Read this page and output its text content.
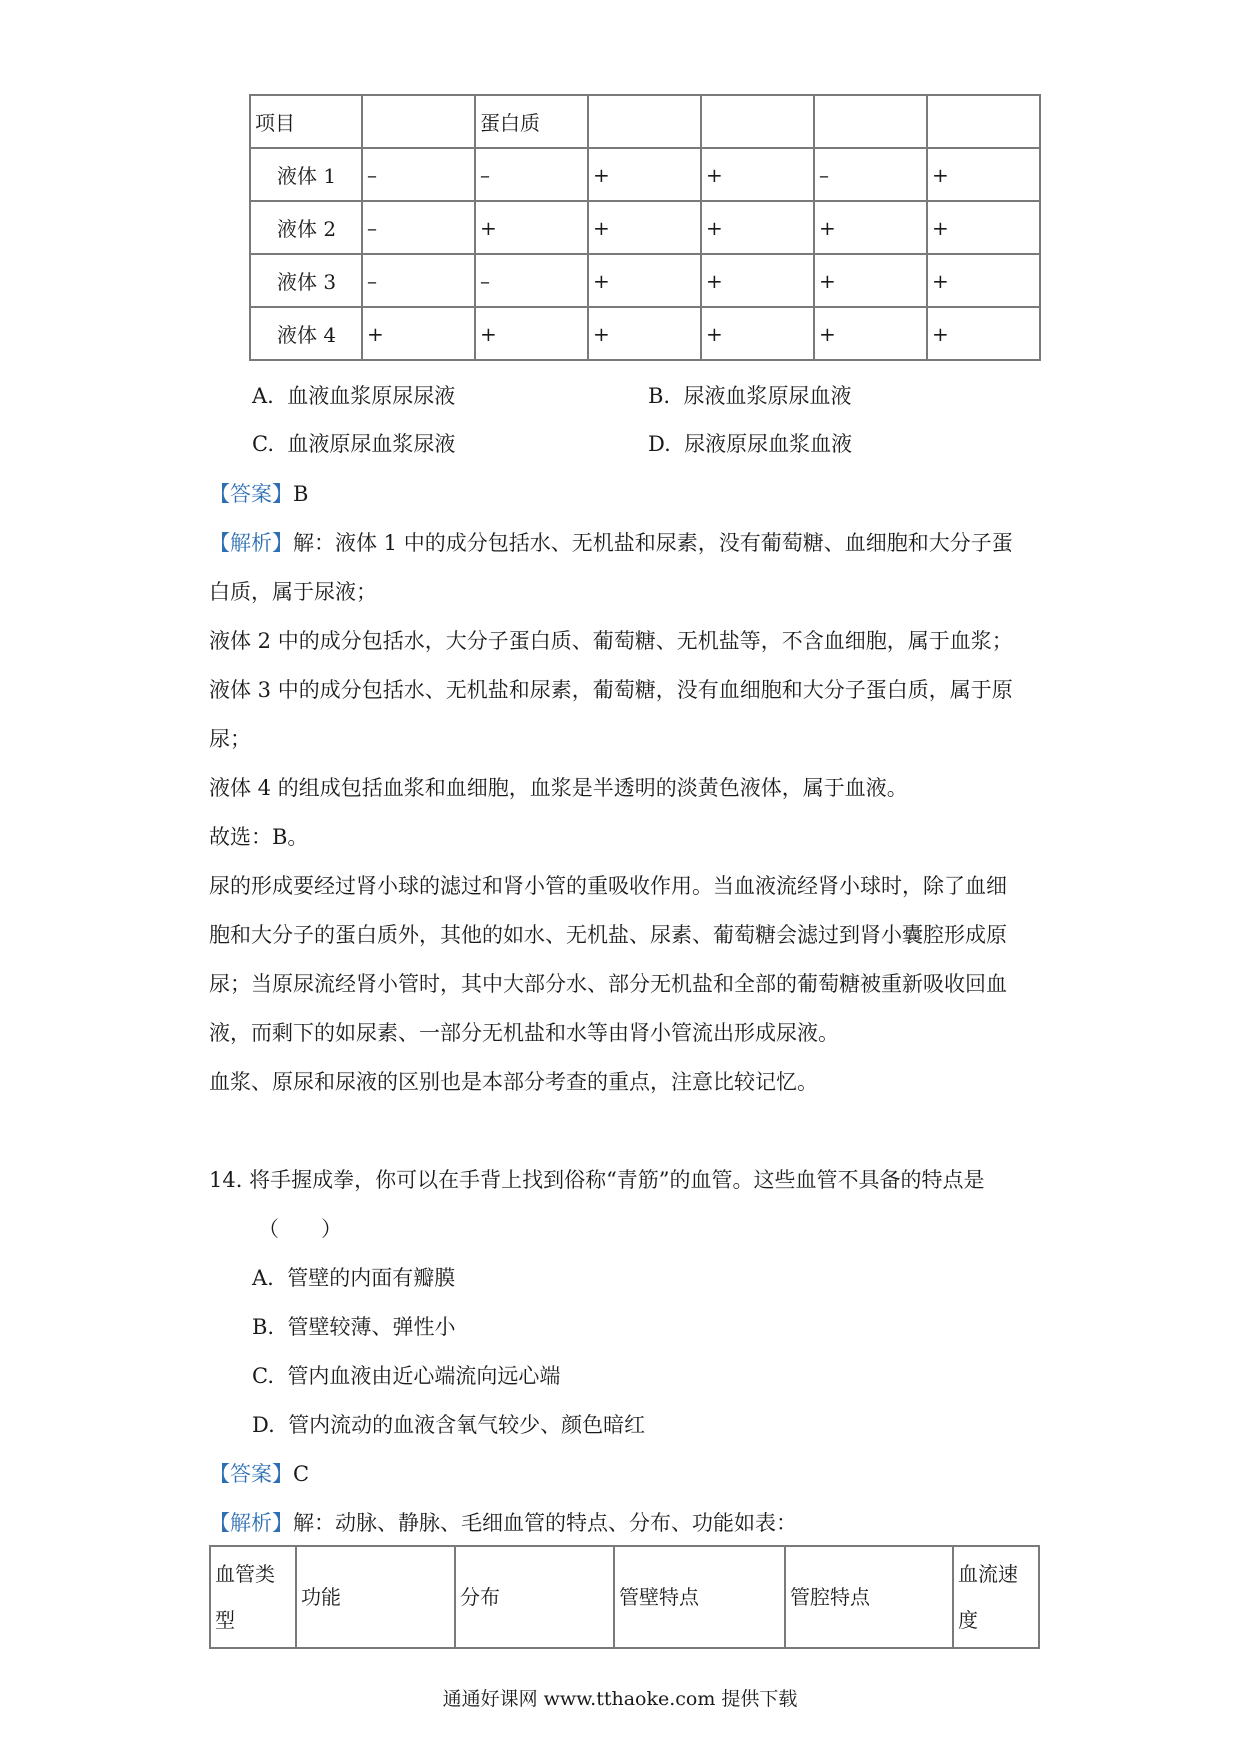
项目		蛋白质				
液体 1	–	–	+	+	–	+
液体 2	–	+	+	+	+	+
液体 3	–	–	+	+	+	+
液体 4	+	+	+	+	+	+
A. 血液血浆原尿尿液	B. 尿液血浆原尿血液
C. 血液原尿血浆尿液	D. 尿液原尿血浆血液
【答案】B
【解析】解：液体 1 中的成分包括水、无机盐和尿素，没有葡萄糖、血细胞和大分子蛋
白质，属于尿液；
液体 2 中的成分包括水，大分子蛋白质、葡萄糖、无机盐等，不含血细胞，属于血浆；
液体 3 中的成分包括水、无机盐和尿素，葡萄糖，没有血细胞和大分子蛋白质，属于原
尿；
液体 4 的组成包括血浆和血细胞，血浆是半透明的淡黄色液体，属于血液。
故选：B。
尿的形成要经过肾小球的滤过和肾小管的重吸收作用。当血液流经肾小球时，除了血细
胞和大分子的蛋白质外，其他的如水、无机盐、尿素、葡萄糖会滤过到肾小囊腔形成原
尿；当原尿流经肾小管时，其中大部分水、部分无机盐和全部的葡萄糖被重新吸收回血
液，而剩下的如尿素、一部分无机盐和水等由肾小管流出形成尿液。
血浆、原尿和尿液的区别也是本部分考查的重点，注意比较记忆。
14. 将手握成拳，你可以在手背上找到俗称“青筋”的血管。这些血管不具备的特点是
（　　）
A. 管壁的内面有瓣膜
B. 管壁较薄、弹性小
C. 管内血液由近心端流向远心端
D. 管内流动的血液含氧气较少、颜色暗红
【答案】C
【解析】解：动脉、静脉、毛细血管的特点、分布、功能如表：
血管类
型	功能	分布	管壁特点	管腔特点	血流速
度
通通好课网 www.tthaoke.com 提供下载
